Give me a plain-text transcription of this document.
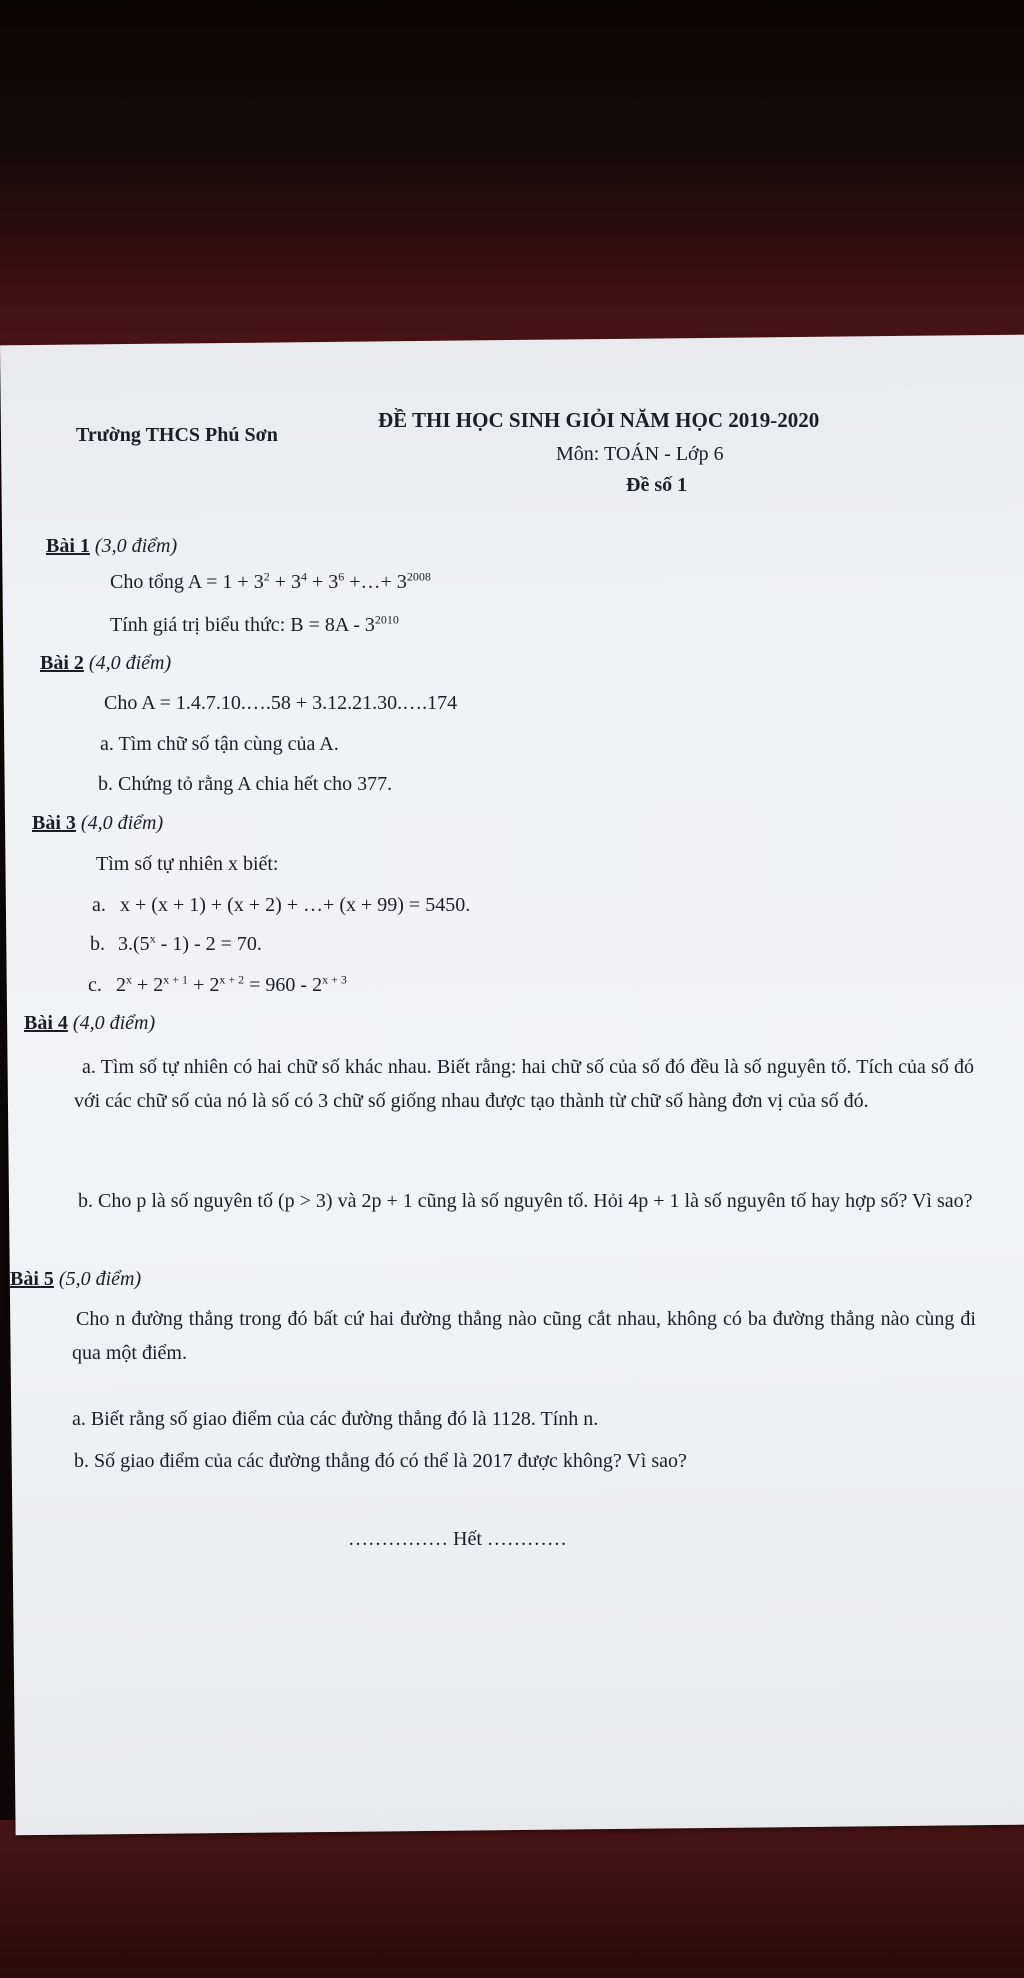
Trường THCS Phú Sơn
ĐỀ THI HỌC SINH GIỎI NĂM HỌC 2019-2020
Môn: TOÁN - Lớp 6
Đề số 1
Bài 1 (3,0 điểm)
Cho tổng $A = 1 + 3^2 + 3^4 + 3^6$ +…+ $3^{2008}$
Tính giá trị biểu thức: $B = 8A - 3^{2010}$
Bài 2 (4,0 điểm)
Cho A = 1.4.7.10.….58 + 3.12.21.30.….174
a. Tìm chữ số tận cùng của A.
b. Chứng tỏ rằng A chia hết cho 377.
Bài 3 (4,0 điểm)
Tìm số tự nhiên x biết:
a. x + (x + 1) + (x + 2) + …+ (x + 99) = 5450.
b. 3.(5$^x$ - 1) - 2 = 70.
c. $2^x + 2^{x + 1} + 2^{x + 2} = 960 - 2^{x + 3}$
Bài 4 (4,0 điểm)
a. Tìm số tự nhiên có hai chữ số khác nhau. Biết rằng: hai chữ số của số đó đều là số nguyên tố. Tích của số đó với các chữ số của nó là số có 3 chữ số giống nhau được tạo thành từ chữ số hàng đơn vị của số đó.
b. Cho p là số nguyên tố (p > 3) và 2p + 1 cũng là số nguyên tố. Hỏi 4p + 1 là số nguyên tố hay hợp số? Vì sao?
Bài 5 (5,0 điểm)
Cho n đường thẳng trong đó bất cứ hai đường thẳng nào cũng cắt nhau, không có ba đường thẳng nào cùng đi qua một điểm.
a. Biết rằng số giao điểm của các đường thẳng đó là 1128. Tính n.
b. Số giao điểm của các đường thẳng đó có thể là 2017 được không? Vì sao?
…………… Hết …………
